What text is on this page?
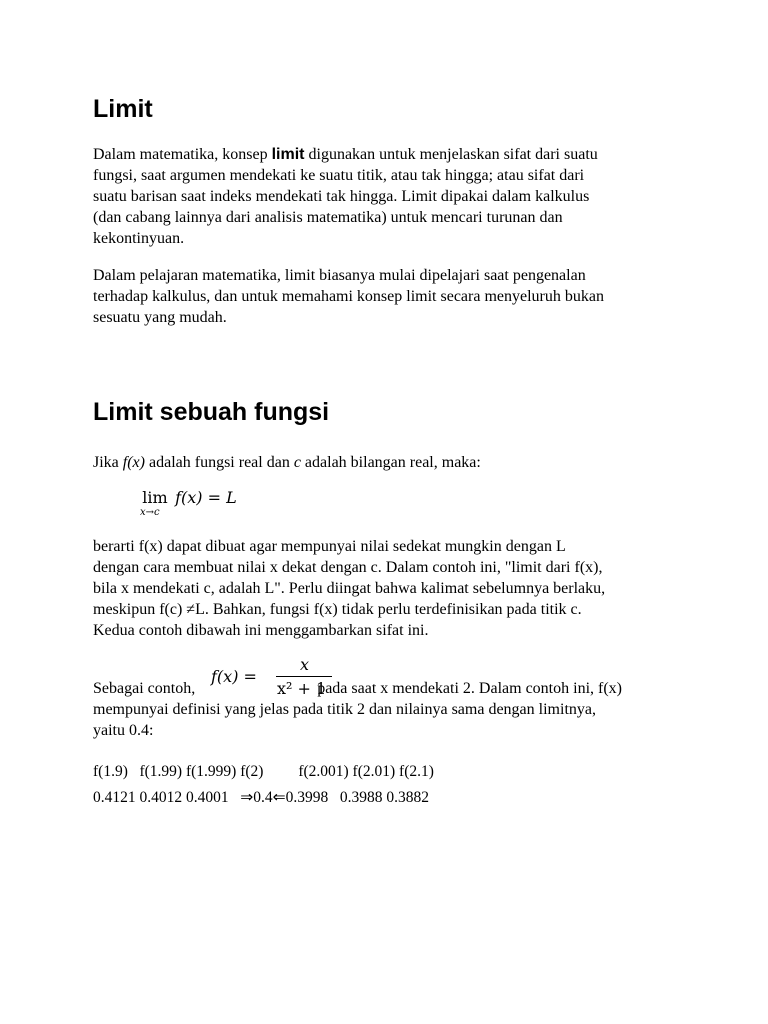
Limit

Dalam matematika, konsep limit digunakan untuk menjelaskan sifat dari suatu
fungsi, saat argumen mendekati ke suatu titik, atau tak hingga; atau sifat dari
suatu barisan saat indeks mendekati tak hingga. Limit dipakai dalam kalkulus
(dan cabang lainnya dari analisis matematika) untuk mencari turunan dan
kekontinyuan.

Dalam pelajaran matematika, limit biasanya mulai dipelajari saat pengenalan
terhadap kalkulus, dan untuk memahami konsep limit secara menyeluruh bukan
sesuatu yang mudah.

Limit sebuah fungsi

Jika f(x) adalah fungsi real dan c adalah bilangan real, maka:

lim
x→c
f(x) = L

berarti f(x) dapat dibuat agar mempunyai nilai sedekat mungkin dengan L
dengan cara membuat nilai x dekat dengan c. Dalam contoh ini, "limit dari f(x),
bila x mendekati c, adalah L". Perlu diingat bahwa kalimat sebelumnya berlaku,
meskipun f(c) ≠L. Bahkan, fungsi f(x) tidak perlu terdefinisikan pada titik c.
Kedua contoh dibawah ini menggambarkan sifat ini.

f(x) =
x
x² + 1

Sebagai contoh,	pada saat x mendekati 2. Dalam contoh ini, f(x)
mempunyai definisi yang jelas pada titik 2 dan nilainya sama dengan limitnya,
yaitu 0.4:

f(1.9)   f(1.99) f(1.999) f(2)         f(2.001) f(2.01) f(2.1)
0.4121 0.4012 0.4001   ⇒0.4⇐0.3998   0.3988 0.3882
